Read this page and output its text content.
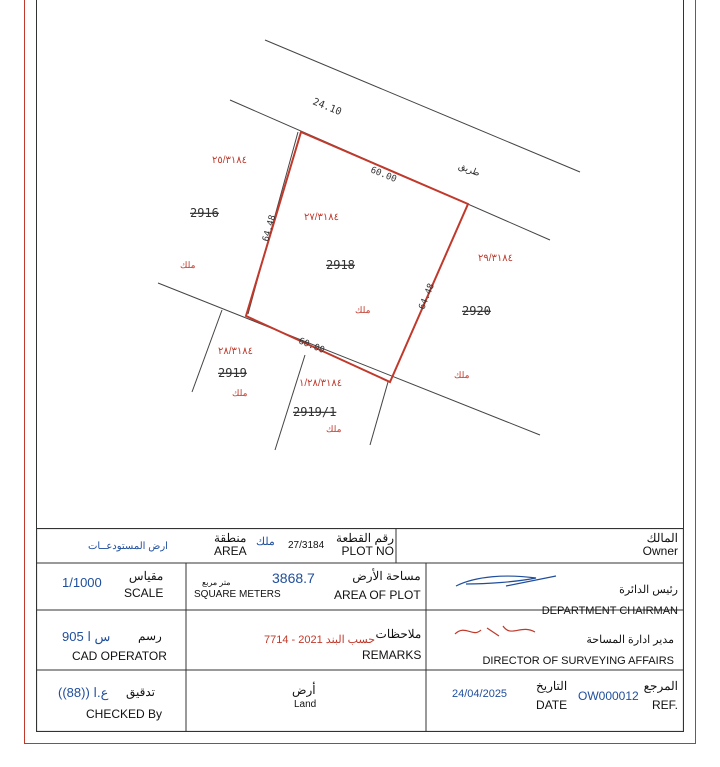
24.10
60.00
60.00
64.48
64.48
طريق
٢٧/٣١٨٤
2918
ملك
٢٥/٣١٨٤
2916
ملك
٢٩/٣١٨٤
2920
ملك
٢٨/٣١٨٤
2919
ملك
١/٢٨/٣١٨٤
2919/1
ملك
المالك
Owner
رقم القطعة
PLOT NO
27/3184
ملك
منطقة
AREA
ارض المستودعــات
رئيس الدائرة
DEPARTMENT CHAIRMAN
مساحة الأرض
AREA OF PLOT
3868.7
متر مربع
SQUARE METERS
مقياس
SCALE
1/1000
مدير ادارة المساحة
DIRECTOR OF SURVEYING AFFAIRS
ملاحظات
REMARKS
حسب البند 2021 - 7714
رسم
CAD OPERATOR
س ا 905
المرجع
REF.
OW000012
التاريخ
DATE
24/04/2025
أرض
Land
تدقيق
ع.ا ((88))
CHECKED By
